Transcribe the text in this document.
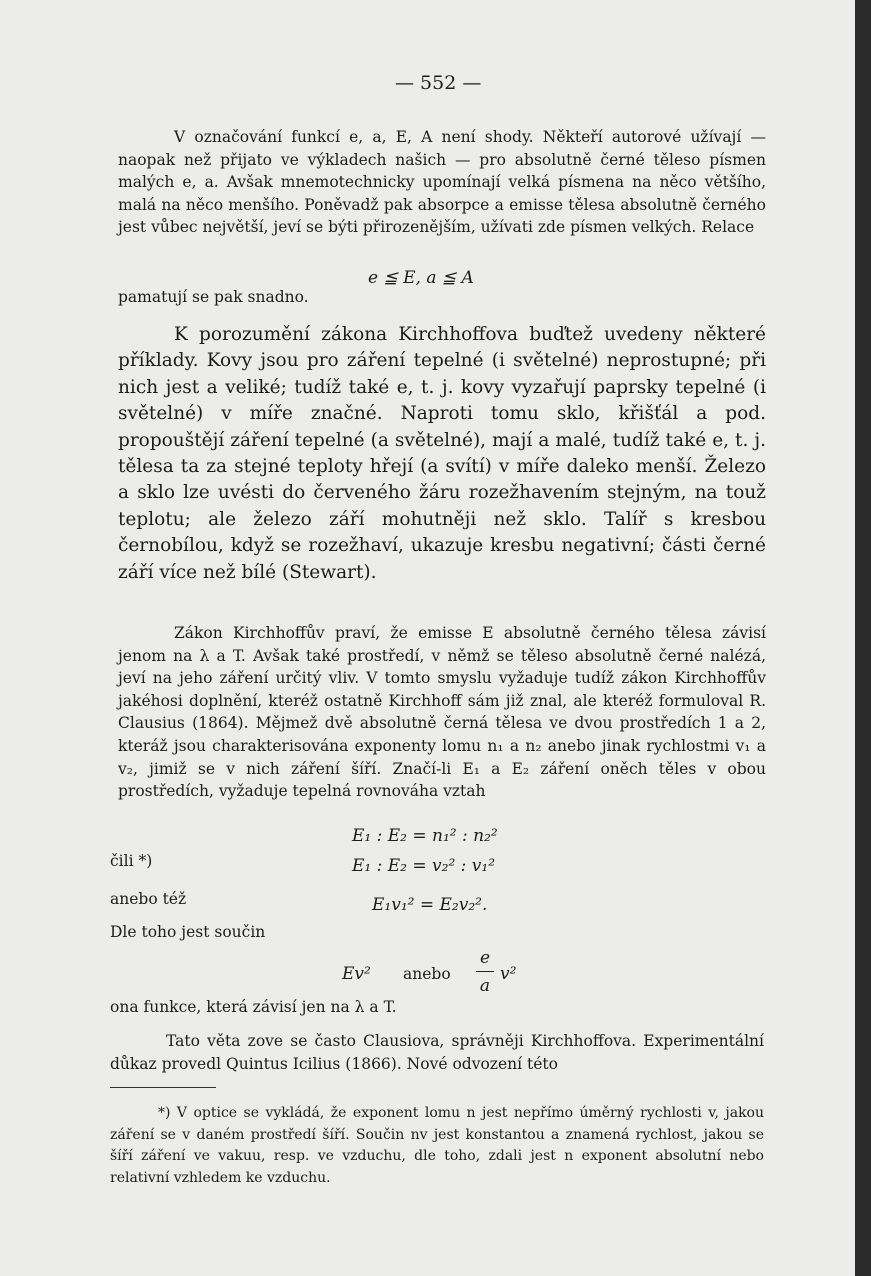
— 552 —

V označování funkcí e, a, E, A není shody. Někteří autorové užívají — naopak než přijato ve výkladech našich — pro absolutně černé těleso písmen malých e, a. Avšak mnemotechnicky upomínají velká písmena na něco většího, malá na něco menšího. Poněvadž pak absorpce a emisse tělesa absolutně černého jest vůbec největší, jeví se býti přirozenějším, užívati zde písmen velkých. Relace

e ≦ E, a ≦ A
pamatují se pak snadno.

K porozumění zákona Kirchhoffova buďtež uvedeny některé příklady. Kovy jsou pro záření tepelné (i světelné) neprostupné; při nich jest a veliké; tudíž také e, t. j. kovy vyzařují paprsky tepelné (i světelné) v míře značné. Naproti tomu sklo, křišťál a pod. propouštějí záření tepelné (a světelné), mají a malé, tudíž také e, t. j. tělesa ta za stejné teploty hřejí (a svítí) v míře daleko menší. Železo a sklo lze uvésti do červeného žáru rozežhavením stejným, na touž teplotu; ale železo září mohutněji než sklo. Talíř s kresbou černobílou, když se rozežhaví, ukazuje kresbu negativní; části černé září více než bílé (Stewart).

Zákon Kirchhoffův praví, že emisse E absolutně černého tělesa závisí jenom na λ a T. Avšak také prostředí, v němž se těleso absolutně černé nalézá, jeví na jeho záření určitý vliv. V tomto smyslu vyžaduje tudíž zákon Kirchhoffův jakéhosi doplnění, kteréž ostatně Kirchhoff sám již znal, ale kteréž formuloval R. Clausius (1864). Mějmež dvě absolutně černá tělesa ve dvou prostředích 1 a 2, kteráž jsou charakterisována exponenty lomu n₁ a n₂ anebo jinak rychlostmi v₁ a v₂, jimiž se v nich záření šíří. Značí-li E₁ a E₂ záření oněch těles v obou prostředích, vyžaduje tepelná rovnováha vztah

E₁ : E₂ = n₁² : n₂²
čili *)	E₁ : E₂ = v₂² : v₁²
anebo též	E₁v₁² = E₂v₂².
Dle toho jest součin
Ev² anebo
e
a
v²
ona funkce, která závisí jen na λ a T.

Tato věta zove se často Clausiova, správněji Kirchhoffova. Experimentální důkaz provedl Quintus Icilius (1866). Nové odvození této

*) V optice se vykládá, že exponent lomu n jest nepřímo úměrný rychlosti v, jakou záření se v daném prostředí šíří. Součin nv jest konstantou a znamená rychlost, jakou se šíří záření ve vakuu, resp. ve vzduchu, dle toho, zdali jest n exponent absolutní nebo relativní vzhledem ke vzduchu.
